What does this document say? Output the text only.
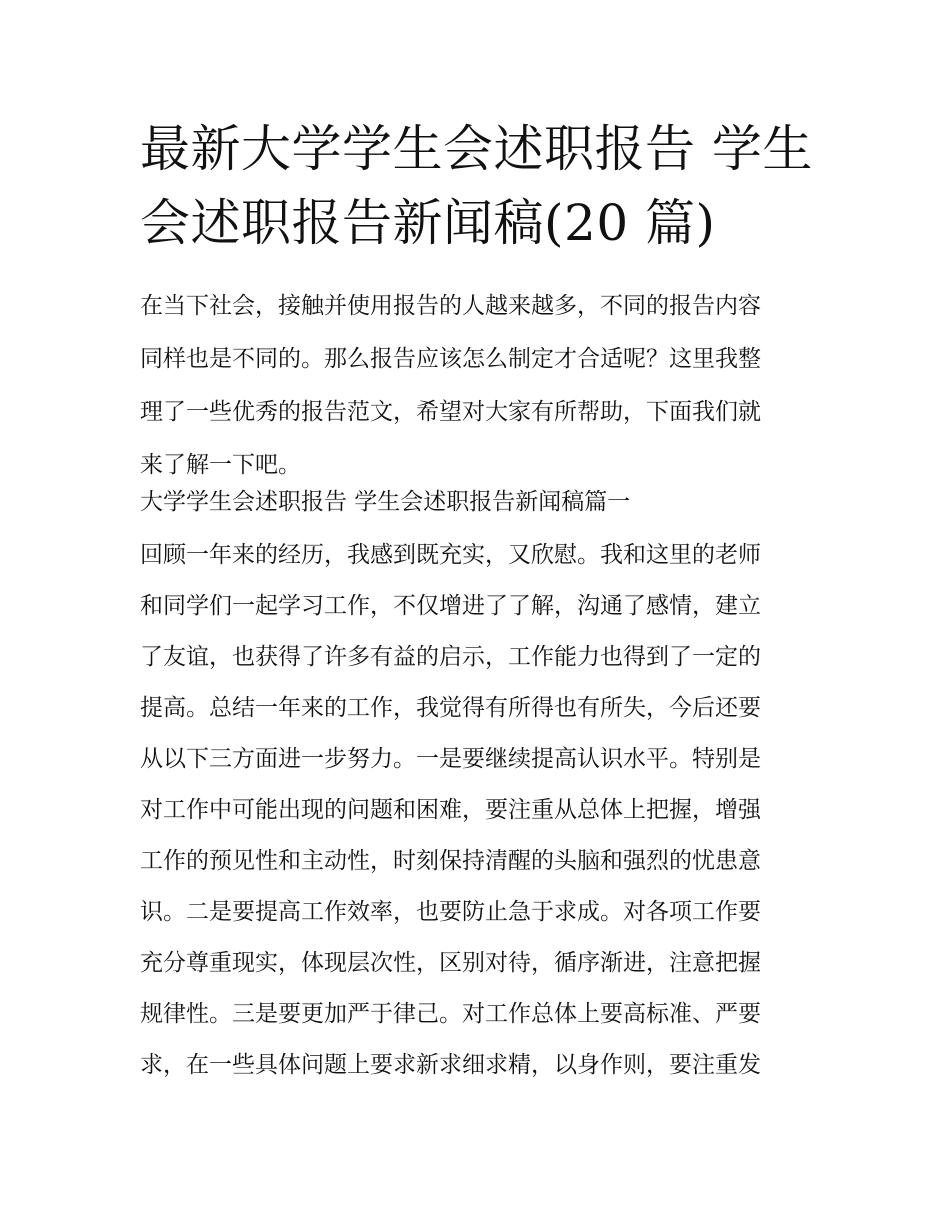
最新大学学生会述职报告 学生
会述职报告新闻稿(20 篇)

在当下社会，接触并使用报告的人越来越多，不同的报告内容
同样也是不同的。那么报告应该怎么制定才合适呢？这里我整
理了一些优秀的报告范文，希望对大家有所帮助，下面我们就
来了解一下吧。

大学学生会述职报告 学生会述职报告新闻稿篇一

回顾一年来的经历，我感到既充实，又欣慰。我和这里的老师
和同学们一起学习工作，不仅增进了了解，沟通了感情，建立
了友谊，也获得了许多有益的启示，工作能力也得到了一定的
提高。总结一年来的工作，我觉得有所得也有所失，今后还要
从以下三方面进一步努力。一是要继续提高认识水平。特别是
对工作中可能出现的问题和困难，要注重从总体上把握，增强
工作的预见性和主动性，时刻保持清醒的头脑和强烈的忧患意
识。二是要提高工作效率，也要防止急于求成。对各项工作要
充分尊重现实，体现层次性，区别对待，循序渐进，注意把握
规律性。三是要更加严于律己。对工作总体上要高标准、严要
求，在一些具体问题上要求新求细求精，以身作则，要注重发
